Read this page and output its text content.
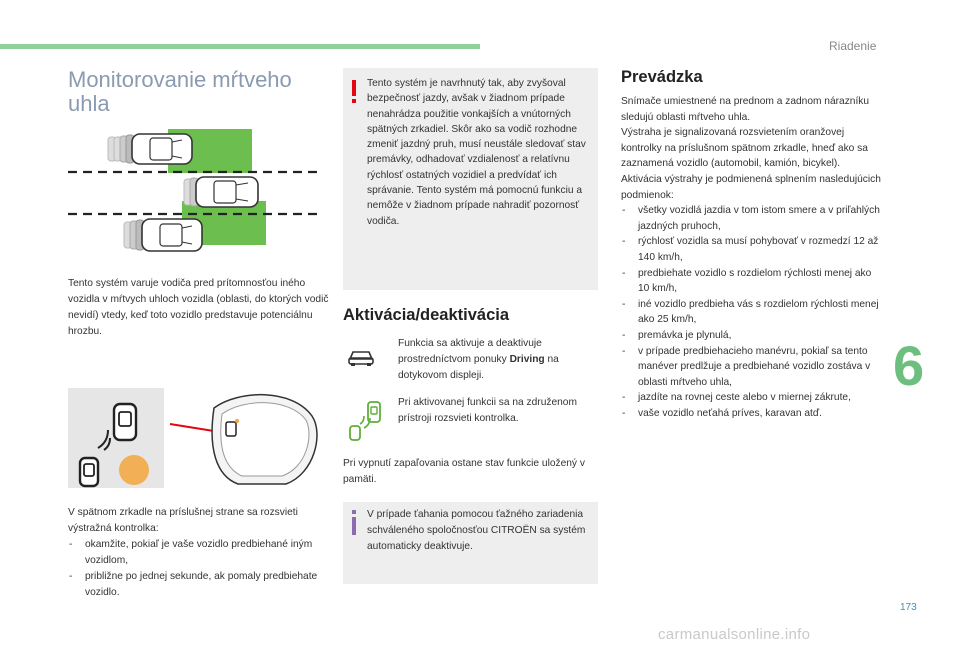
Riadenie
Monitorovanie mŕtveho uhla

Tento systém varuje vodiča pred prítomnosťou iného vozidla v mŕtvych uhloch vozidla (oblasti, do ktorých vodič nevidí) vtedy, keď toto vozidlo predstavuje potenciálnu hrozbu.

V spätnom zrkadle na príslušnej strane sa rozsvieti výstražná kontrolka:
- okamžite, pokiaľ je vaše vozidlo predbiehané iným vozidlom,
- približne po jednej sekunde, ak pomaly predbiehate vozidlo.
Tento systém je navrhnutý tak, aby zvyšoval bezpečnosť jazdy, avšak v žiadnom prípade nenahrádza použitie vonkajších a vnútorných spätných zrkadiel. Skôr ako sa vodič rozhodne zmeniť jazdný pruh, musí neustále sledovať stav premávky, odhadovať vzdialenosť a relatívnu rýchlosť ostatných vozidiel a predvídať ich správanie. Tento systém má pomocnú funkciu a nemôže v žiadnom prípade nahradiť pozornosť vodiča.
Aktivácia/deaktivácia
Funkcia sa aktivuje a deaktivuje prostredníctvom ponuky Driving na dotykovom displeji.
Pri aktivovanej funkcii sa na združenom prístroji rozsvieti kontrolka.

Pri vypnutí zapaľovania ostane stav funkcie uložený v pamäti.

V prípade ťahania pomocou ťažného zariadenia schváleného spoločnosťou CITROËN sa systém automaticky deaktivuje.
Prevádzka

Snímače umiestnené na prednom a zadnom nárazníku sledujú oblasti mŕtveho uhla.

Výstraha je signalizovaná rozsvietením oranžovej kontrolky na príslušnom spätnom zrkadle, hneď ako sa zaznamená vozidlo (automobil, kamión, bicykel).

Aktivácia výstrahy je podmienená splnením nasledujúcich podmienok:

- všetky vozidlá jazdia v tom istom smere a v priľahlých jazdných pruhoch,
- rýchlosť vozidla sa musí pohybovať v rozmedzí 12 až 140 km/h,
- predbiehate vozidlo s rozdielom rýchlosti menej ako 10 km/h,
- iné vozidlo predbieha vás s rozdielom rýchlosti menej ako 25 km/h,
- premávka je plynulá,
- v prípade predbiehacieho manévru, pokiaľ sa tento manéver predlžuje a predbiehané vozidlo zostáva v oblasti mŕtveho uhla,
- jazdíte na rovnej ceste alebo v miernej zákrute,
- vaše vozidlo neťahá príves, karavan atď.
6
173
carmanualsonline.info
